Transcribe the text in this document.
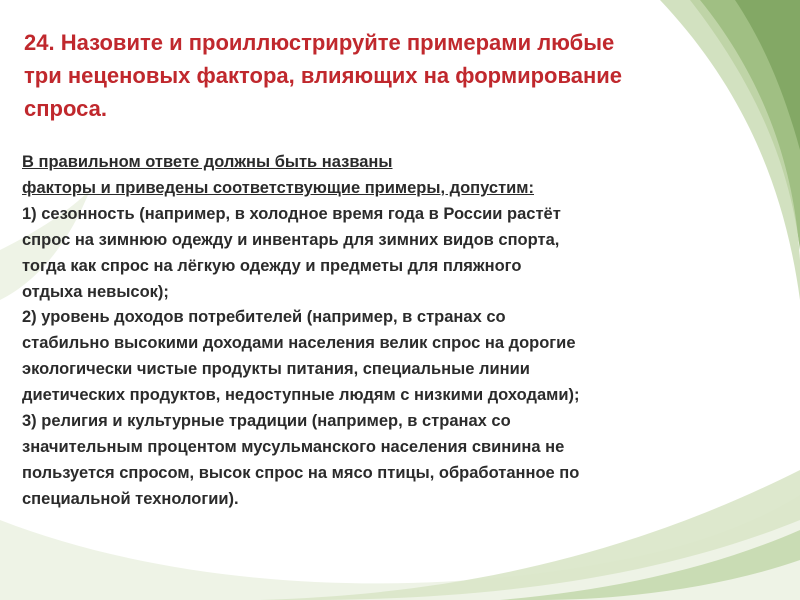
24. Назовите и проиллюстрируйте примерами любые
три неценовых фактора, влияющих на формирование
спроса.
В правильном ответе должны быть названы
факторы и приведены соответствующие примеры, допустим:
1) сезонность (например, в холодное время года в России растёт
спрос на зимнюю одежду и инвентарь для зимних видов спорта,
тогда как спрос на лёгкую одежду и предметы для пляжного
отдыха невысок);
2) уровень доходов потребителей (например, в странах со
стабильно высокими доходами населения велик спрос на дорогие
экологически чистые продукты питания, специальные линии
диетических продуктов, недоступные людям с низкими доходами);
3) религия и культурные традиции (например, в странах со
значительным процентом мусульманского населения свинина не
пользуется спросом, высок спрос на мясо птицы, обработанное по
специальной технологии).
